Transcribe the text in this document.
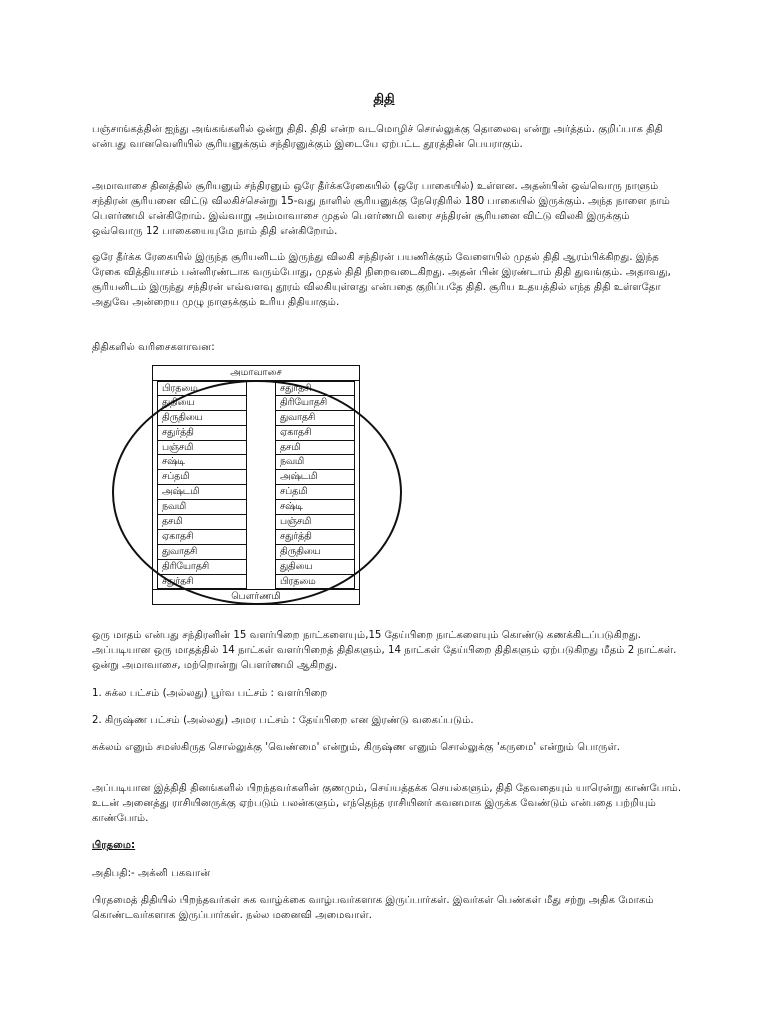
திதி

பஞ்சாங்கத்தின் ஐந்து அங்கங்களில் ஒன்று திதி. திதி என்ற வடமொழிச் சொல்லுக்கு தொலைவு என்று அர்த்தம். குறிப்பாக திதி என்பது வானவெளியில் சூரியனுக்கும் சந்திரனுக்கும் இடையே ஏற்பட்ட தூரத்தின் பெயராகும்.

அமாவாசை தினத்தில் சூரியனும் சந்திரனும் ஒரே தீர்க்கரேகையில் (ஒரே பாகையில்) உள்ளன. அதன்பின் ஒவ்வொரு நாளும் சந்திரன் சூரியனை விட்டு விலகிச்சென்று 15-வது நாளில் சூரியனுக்கு நேரெதிரில் 180 பாகையில் இருக்கும். அந்த நாளை நாம் பௌர்ணமி என்கிறோம். இவ்வாறு அம்மாவாசை முதல் பௌர்ணமி வரை சந்திரன் சூரியனை விட்டு விலகி இருக்கும் ஒவ்வொரு 12 பாகையையுமே நாம் திதி என்கிறோம்.

ஒரே தீர்க்க ரேகையில் இருந்த சூரியனிடம் இருந்து விலகி சந்திரன் பயணிக்கும் வேளையில் முதல் திதி ஆரம்பிக்கிறது. இந்த ரேகை வித்தியாசம் பன்னிரண்டாக வரும்போது, முதல் திதி நிறைவடைகிறது. அதன் பின் இரண்டாம் திதி துவங்கும். அதாவது, சூரியனிடம் இருந்து சந்திரன் எவ்வளவு தூரம் விலகியுள்ளது என்பதை குறிப்பதே திதி. சூரிய உதயத்தில் எந்த திதி உள்ளதோ அதுவே அன்றைய முழு நாளுக்கும் உரிய திதியாகும்.

திதிகளில் வரிசைகளாவன:

அமாவாசை
பிரதமை
துதியை
திருதியை
சதுர்த்தி
பஞ்சமி
சஷ்டி
சப்தமி
அஷ்டமி
நவமி
தசமி
ஏகாதசி
துவாதசி
திரியோதசி
சதுர்தசி
சதுர்தசி
திரியோதசி
துவாதசி
ஏகாதசி
தசமி
நவமி
அஷ்டமி
சப்தமி
சஷ்டி
பஞ்சமி
சதுர்த்தி
திருதியை
துதியை
பிரதமை
பௌர்ணமி

ஒரு மாதம் என்பது சந்திரனின் 15 வளர்பிறை நாட்களையும்,15 தேய்பிறை நாட்களையும் கொண்டு கணக்கிடப்படுகிறது. அப்படியான ஒரு மாதத்தில் 14 நாட்கள் வளர்பிறைத் திதிகளும், 14 நாட்கள் தேய்பிறை திதிகளும் ஏற்படுகிறது மீதம் 2 நாட்கள். ஒன்று அமாவாசை, மற்றொன்று பௌர்ணமி ஆகிறது.

1. சுக்ல பட்சம் (அல்லது) பூர்வ பட்சம் : வளர்பிறை

2. கிருஷ்ண பட்சம் (அல்லது) அமர பட்சம் : தேய்பிறை என இரண்டு வகைப்படும்.

சுக்லம் எனும் சமஸ்கிருத சொல்லுக்கு 'வெண்மை' என்றும், கிருஷ்ண எனும் சொல்லுக்கு 'கருமை' என்றும் பொருள்.

அப்படியான இத்திதி தினங்களில் பிறந்தவர்களின் குணமும், செய்யத்தக்க செயல்களும், திதி தேவதையும் யாரென்று காண்போம். உடன் அனைத்து ராசியினருக்கு ஏற்படும் பலன்களும், எந்தெந்த ராசியினர் கவனமாக இருக்க வேண்டும் என்பதை பற்றியும் காண்போம்.

பிரதமை:

அதிபதி:- அக்னி பகவான்

பிரதமைத் திதியில் பிறந்தவர்கள் சுக வாழ்க்கை வாழ்பவர்களாக இருப்பார்கள். இவர்கள் பெண்கள் மீது சற்று அதிக மோகம் கொண்டவர்களாக இருப்பார்கள். நல்ல மனைவி அமைவாள்.
